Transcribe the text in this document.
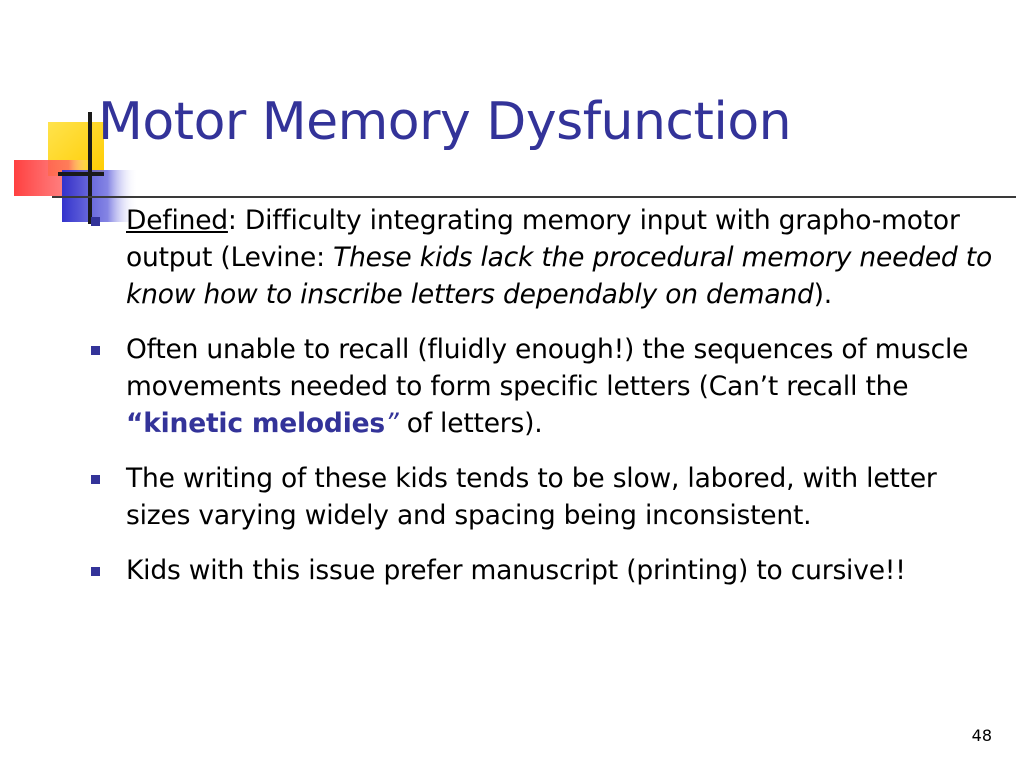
Motor Memory Dysfunction
Defined: Difficulty integrating memory input with grapho-motor output (Levine: These kids lack the procedural memory needed to know how to inscribe letters dependably on demand).
Often unable to recall (fluidly enough!) the sequences of muscle movements needed to form specific letters (Can’t recall the “kinetic melodies” of letters).
The writing of these kids tends to be slow, labored, with letter sizes varying widely and spacing being inconsistent.
Kids with this issue prefer manuscript (printing) to cursive!!
48
